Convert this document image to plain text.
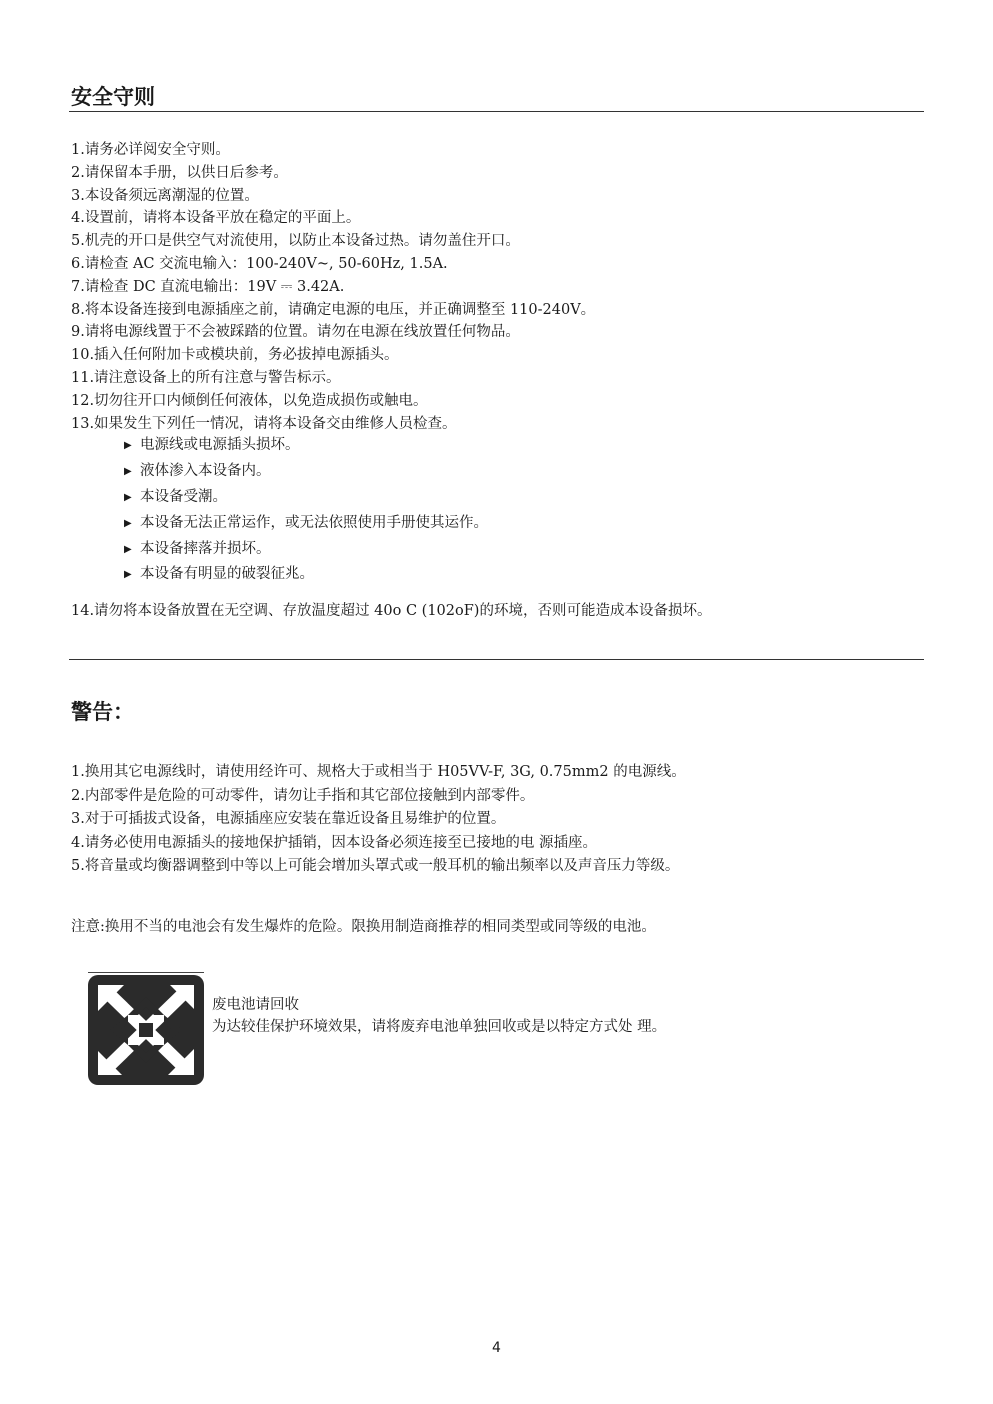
安全守则
1.请务必详阅安全守则。
2.请保留本手册，以供日后参考。
3.本设备须远离潮湿的位置。
4.设置前，请将本设备平放在稳定的平面上。
5.机壳的开口是供空气对流使用，以防止本设备过热。请勿盖住开口。
6.请检查 AC 交流电输入：100-240V~, 50-60Hz, 1.5A.
7.请检查 DC 直流电输出：19V ⎓ 3.42A.
8.将本设备连接到电源插座之前，请确定电源的电压，并正确调整至 110-240V。
9.请将电源线置于不会被踩踏的位置。请勿在电源在线放置任何物品。
10.插入任何附加卡或模块前，务必拔掉电源插头。
11.请注意设备上的所有注意与警告标示。
12.切勿往开口内倾倒任何液体，以免造成损伤或触电。
13.如果发生下列任一情况，请将本设备交由维修人员检查。
▶ 电源线或电源插头损坏。
▶ 液体渗入本设备内。
▶ 本设备受潮。
▶ 本设备无法正常运作，或无法依照使用手册使其运作。
▶ 本设备摔落并损坏。
▶ 本设备有明显的破裂征兆。
14.请勿将本设备放置在无空调、存放温度超过 40o C (102oF)的环境，否则可能造成本设备损坏。
警告：
1.换用其它电源线时，请使用经许可、规格大于或相当于 H05VV-F, 3G, 0.75mm2 的电源线。
2.内部零件是危险的可动零件，请勿让手指和其它部位接触到内部零件。
3.对于可插拔式设备，电源插座应安装在靠近设备且易维护的位置。
4.请务必使用电源插头的接地保护插销，因本设备必须连接至已接地的电 源插座。
5.将音量或均衡器调整到中等以上可能会增加头罩式或一般耳机的输出频率以及声音压力等级。
注意:换用不当的电池会有发生爆炸的危险。限换用制造商推荐的相同类型或同等级的电池。
废电池请回收
为达较佳保护环境效果，请将废弃电池单独回收或是以特定方式处 理。
4
